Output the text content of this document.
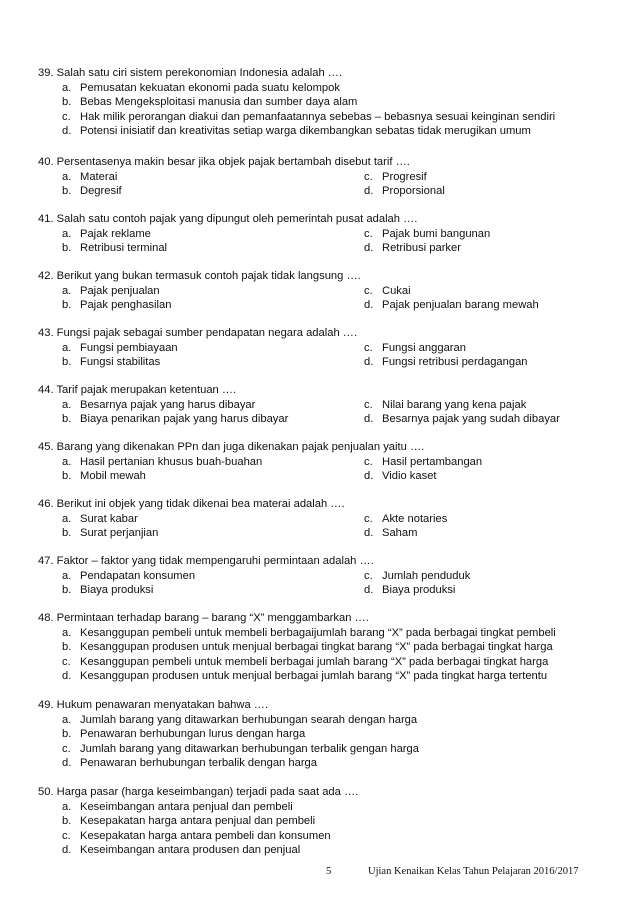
39. Salah satu ciri sistem perekonomian Indonesia adalah ….
a. Pemusatan kekuatan ekonomi pada suatu kelompok
b. Bebas Mengeksploitasi manusia dan sumber daya alam
c. Hak milik perorangan diakui dan pemanfaatannya sebebas – bebasnya sesuai keinginan sendiri
d. Potensi inisiatif dan kreativitas setiap warga dikembangkan sebatas tidak merugikan umum
40. Persentasenya makin besar jika objek pajak bertambah disebut tarif ….
a. Materai	c. Progresif
b. Degresif	d. Proporsional
41. Salah satu contoh pajak yang dipungut oleh pemerintah pusat adalah ….
a. Pajak reklame	c. Pajak bumi bangunan
b. Retribusi terminal	d. Retribusi parker
42. Berikut yang bukan termasuk contoh pajak tidak langsung ….
a. Pajak penjualan	c. Cukai
b. Pajak penghasilan	d. Pajak penjualan barang mewah
43. Fungsi pajak sebagai sumber pendapatan negara adalah ….
a. Fungsi pembiayaan	c. Fungsi anggaran
b. Fungsi stabilitas	d. Fungsi retribusi perdagangan
44. Tarif pajak merupakan ketentuan ….
a. Besarnya pajak yang harus dibayar	c. Nilai barang yang kena pajak
b. Biaya penarikan pajak yang harus dibayar	d. Besarnya pajak yang sudah dibayar
45. Barang yang dikenakan PPn dan juga dikenakan pajak penjualan yaitu ….
a. Hasil pertanian khusus buah-buahan	c. Hasil pertambangan
b. Mobil mewah	d. Vidio kaset
46. Berikut ini objek yang tidak dikenai bea materai adalah ….
a. Surat kabar	c. Akte notaries
b. Surat perjanjian	d. Saham
47. Faktor – faktor yang tidak mempengaruhi permintaan adalah ….
a. Pendapatan konsumen	c. Jumlah penduduk
b. Biaya produksi	d. Biaya produksi
48. Permintaan terhadap barang – barang “X” menggambarkan ….
a. Kesanggupan pembeli untuk membeli berbagaijumlah barang “X” pada berbagai tingkat pembeli
b. Kesanggupan produsen untuk menjual berbagai tingkat barang “X” pada berbagai tingkat harga
c. Kesanggupan pembeli untuk membeli berbagai jumlah barang “X” pada berbagai tingkat harga
d. Kesanggupan produsen untuk menjual berbagai jumlah barang “X” pada tingkat harga tertentu
49. Hukum penawaran menyatakan bahwa ….
a. Jumlah barang yang ditawarkan berhubungan searah dengan harga
b. Penawaran berhubungan lurus dengan harga
c. Jumlah barang yang ditawarkan berhubungan terbalik gengan harga
d. Penawaran berhubungan terbalik dengan harga
50. Harga pasar (harga keseimbangan) terjadi pada saat ada ….
a. Keseimbangan antara penjual dan pembeli
b. Kesepakatan harga antara penjual dan pembeli
c. Kesepakatan harga antara pembeli dan konsumen
d. Keseimbangan antara produsen dan penjual
5	Ujian Kenaikan Kelas Tahun Pelajaran 2016/2017
